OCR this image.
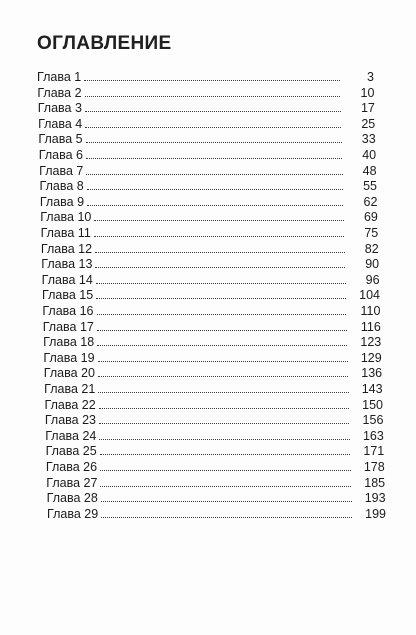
ОГЛАВЛЕНИЕ
Глава 1	3
Глава 2	10
Глава 3	17
Глава 4	25
Глава 5	33
Глава 6	40
Глава 7	48
Глава 8	55
Глава 9	62
Глава 10	69
Глава 11	75
Глава 12	82
Глава 13	90
Глава 14	96
Глава 15	104
Глава 16	110
Глава 17	116
Глава 18	123
Глава 19	129
Глава 20	136
Глава 21	143
Глава 22	150
Глава 23	156
Глава 24	163
Глава 25	171
Глава 26	178
Глава 27	185
Глава 28	193
Глава 29	199
